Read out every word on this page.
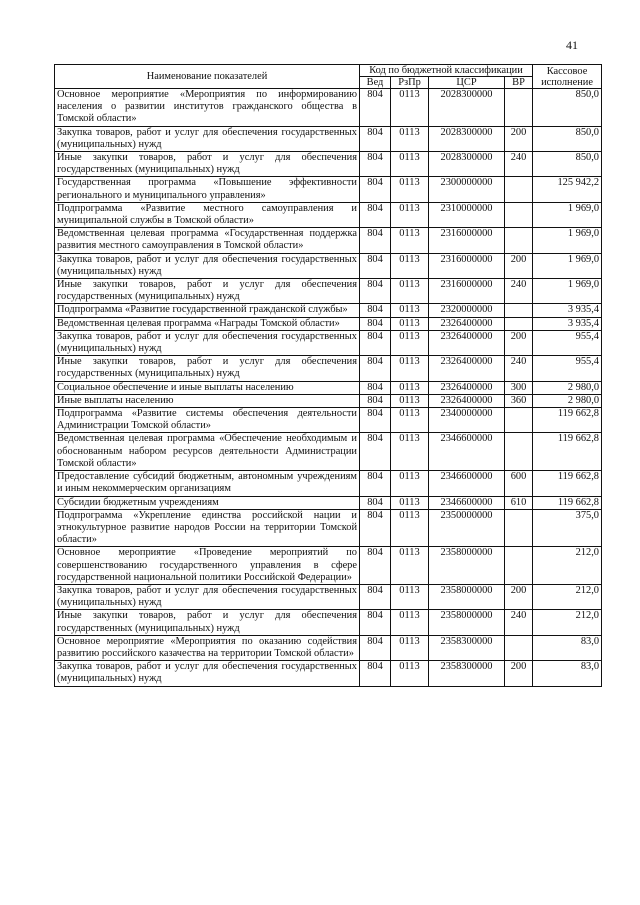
41
Наименование показателей	Код по бюджетной классификации				Кассовое исполнение
	Вед	РзПр	ЦСР	ВР	
Основное мероприятие «Мероприятия по информированию населения о развитии институтов гражданского общества в Томской области»	804	0113	2028300000		850,0
Закупка товаров, работ и услуг для обеспечения государственных (муниципальных) нужд	804	0113	2028300000	200	850,0
Иные закупки товаров, работ и услуг для обеспечения государственных (муниципальных) нужд	804	0113	2028300000	240	850,0
Государственная программа «Повышение эффективности регионального и муниципального управления»	804	0113	2300000000		125 942,2
Подпрограмма «Развитие местного самоуправления и муниципальной службы в Томской области»	804	0113	2310000000		1 969,0
Ведомственная целевая программа «Государственная поддержка развития местного самоуправления в Томской области»	804	0113	2316000000		1 969,0
Закупка товаров, работ и услуг для обеспечения государственных (муниципальных) нужд	804	0113	2316000000	200	1 969,0
Иные закупки товаров, работ и услуг для обеспечения государственных (муниципальных) нужд	804	0113	2316000000	240	1 969,0
Подпрограмма «Развитие государственной гражданской службы»	804	0113	2320000000		3 935,4
Ведомственная целевая программа «Награды Томской области»	804	0113	2326400000		3 935,4
Закупка товаров, работ и услуг для обеспечения государственных (муниципальных) нужд	804	0113	2326400000	200	955,4
Иные закупки товаров, работ и услуг для обеспечения государственных (муниципальных) нужд	804	0113	2326400000	240	955,4
Социальное обеспечение и иные выплаты населению	804	0113	2326400000	300	2 980,0
Иные выплаты населению	804	0113	2326400000	360	2 980,0
Подпрограмма «Развитие системы обеспечения деятельности Администрации Томской области»	804	0113	2340000000		119 662,8
Ведомственная целевая программа «Обеспечение необходимым и обоснованным набором ресурсов деятельности Администрации Томской области»	804	0113	2346600000		119 662,8
Предоставление субсидий бюджетным, автономным учреждениям и иным некоммерческим организациям	804	0113	2346600000	600	119 662,8
Субсидии бюджетным учреждениям	804	0113	2346600000	610	119 662,8
Подпрограмма «Укрепление единства российской нации и этнокультурное развитие народов России на территории Томской области»	804	0113	2350000000		375,0
Основное мероприятие «Проведение мероприятий по совершенствованию государственного управления в сфере государственной национальной политики Российской Федерации»	804	0113	2358000000		212,0
Закупка товаров, работ и услуг для обеспечения государственных (муниципальных) нужд	804	0113	2358000000	200	212,0
Иные закупки товаров, работ и услуг для обеспечения государственных (муниципальных) нужд	804	0113	2358000000	240	212,0
Основное мероприятие «Мероприятия по оказанию содействия развитию российского казачества на территории Томской области»	804	0113	2358300000		83,0
Закупка товаров, работ и услуг для обеспечения государственных (муниципальных) нужд	804	0113	2358300000	200	83,0
